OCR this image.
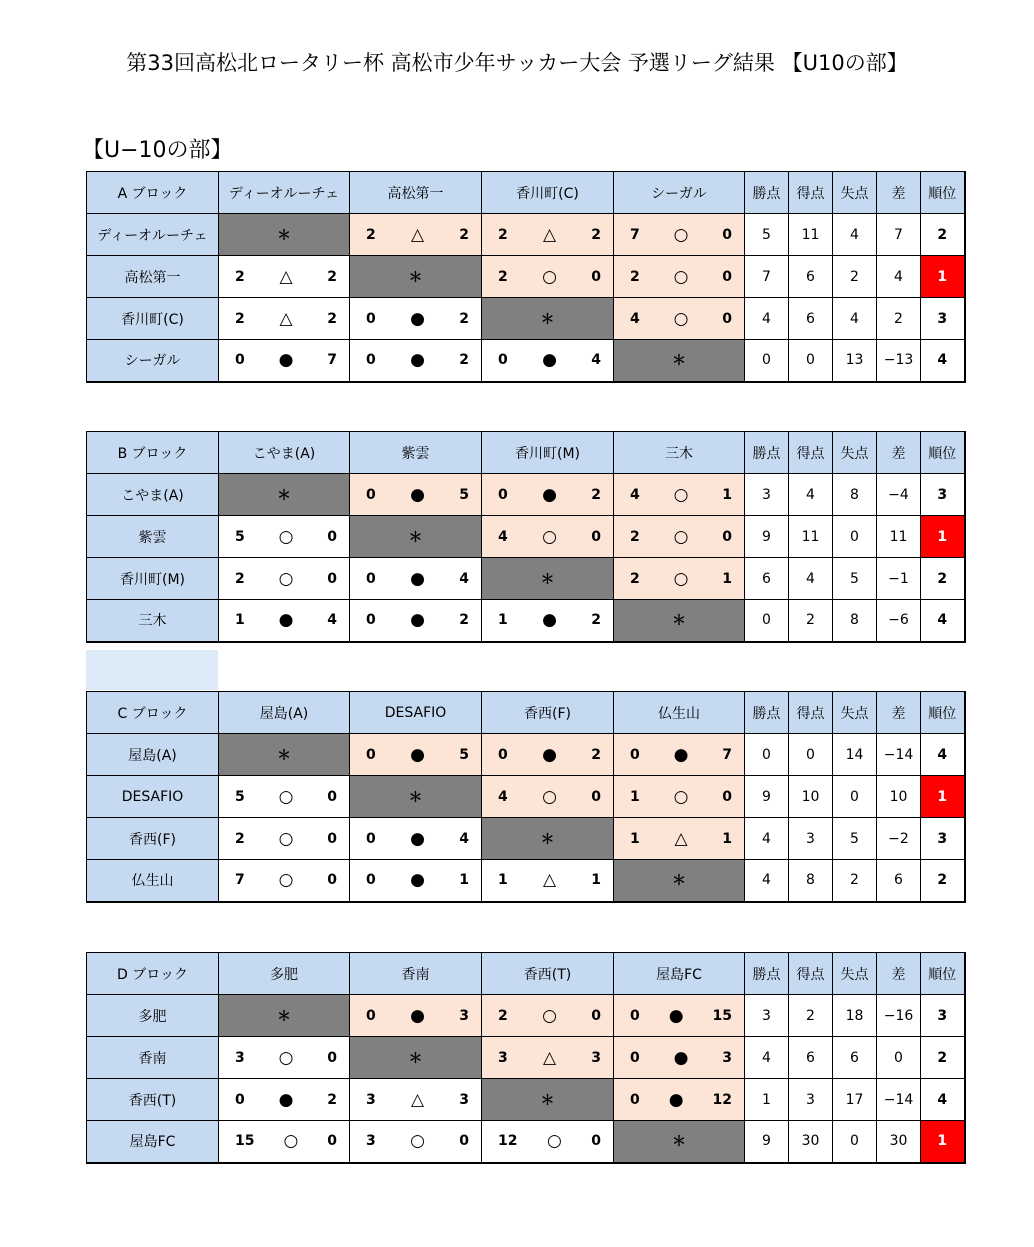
第33回高松北ロータリー杯 高松市少年サッカー大会 予選リーグ結果 【U10の部】
【U−10の部】
A ブロック	ディーオルーチェ	高松第一	香川町(C)	シーガル	勝点	得点	失点	差	順位
ディーオルーチェ	＊	2 △ 2	2 △ 2	7 ○ 0	5	11	4	7	2
高松第一	2 △ 2	＊	2 ○ 0	2 ○ 0	7	6	2	4	1
香川町(C)	2 △ 2	0 ● 2	＊	4 ○ 0	4	6	4	2	3
シーガル	0 ● 7	0 ● 2	0 ● 4	＊	0	0	13	−13	4
B ブロック	こやま(A)	紫雲	香川町(M)	三木	勝点	得点	失点	差	順位
こやま(A)	＊	0 ● 5	0 ● 2	4 ○ 1	3	4	8	−4	3
紫雲	5 ○ 0	＊	4 ○ 0	2 ○ 0	9	11	0	11	1
香川町(M)	2 ○ 0	0 ● 4	＊	2 ○ 1	6	4	5	−1	2
三木	1 ● 4	0 ● 2	1 ● 2	＊	0	2	8	−6	4
C ブロック	屋島(A)	DESAFIO	香西(F)	仏生山	勝点	得点	失点	差	順位
屋島(A)	＊	0 ● 5	0 ● 2	0 ● 7	0	0	14	−14	4
DESAFIO	5 ○ 0	＊	4 ○ 0	1 ○ 0	9	10	0	10	1
香西(F)	2 ○ 0	0 ● 4	＊	1 △ 1	4	3	5	−2	3
仏生山	7 ○ 0	0 ● 1	1 △ 1	＊	4	8	2	6	2
D ブロック	多肥	香南	香西(T)	屋島FC	勝点	得点	失点	差	順位
多肥	＊	0 ● 3	2 ○ 0	0 ● 15	3	2	18	−16	3
香南	3 ○ 0	＊	3 △ 3	0 ● 3	4	6	6	0	2
香西(T)	0 ● 2	3 △ 3	＊	0 ● 12	1	3	17	−14	4
屋島FC	15 ○ 0	3 ○ 0	12 ○ 0	＊	9	30	0	30	1
